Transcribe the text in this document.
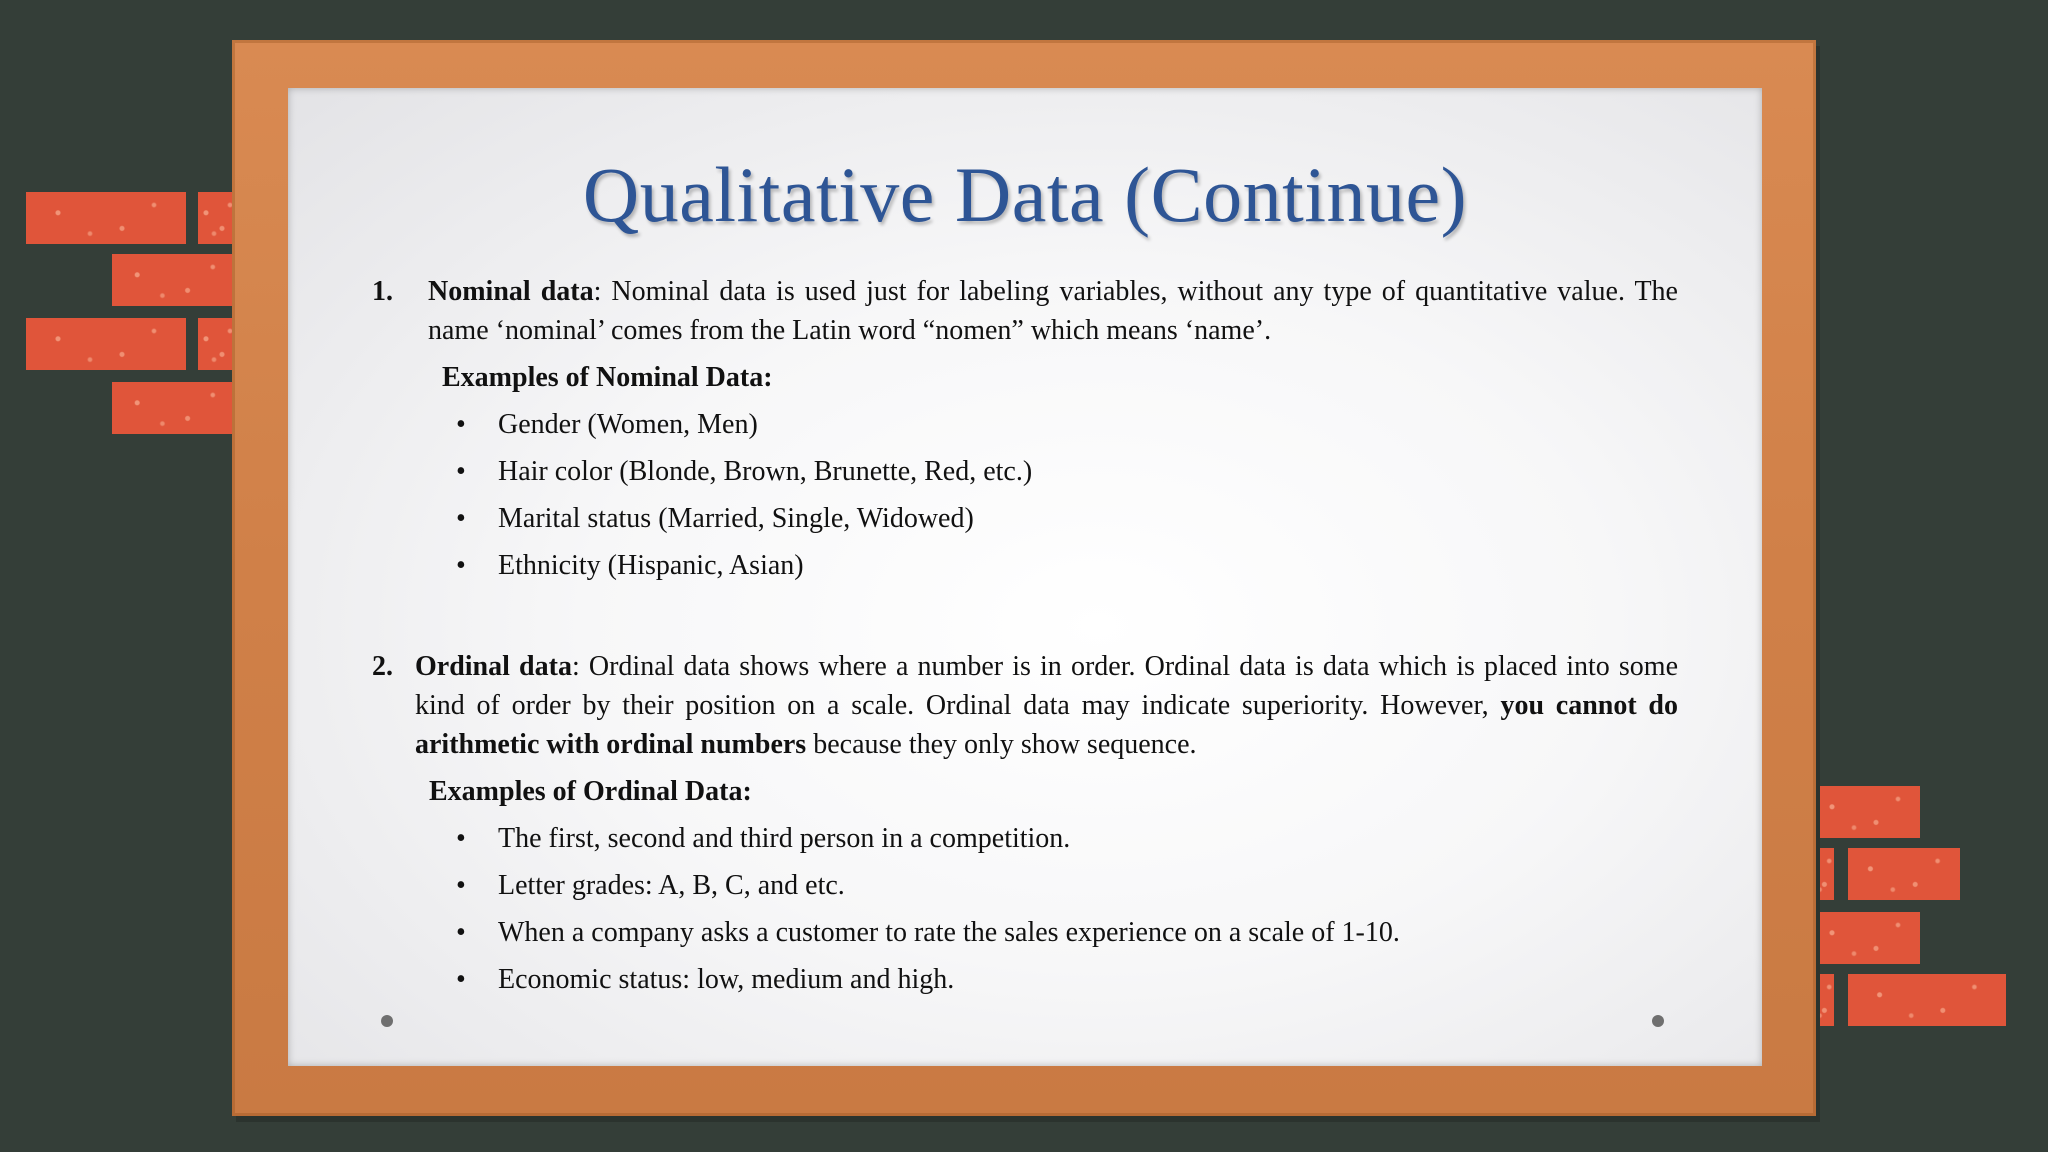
Qualitative Data (Continue)
1. Nominal data: Nominal data is used just for labeling variables, without any type of quantitative value. The name ‘nominal’ comes from the Latin word “nomen” which means ‘name’.
Examples of Nominal Data:
• Gender (Women, Men)
• Hair color (Blonde, Brown, Brunette, Red, etc.)
• Marital status (Married, Single, Widowed)
• Ethnicity (Hispanic, Asian)
2. Ordinal data: Ordinal data shows where a number is in order. Ordinal data is data which is placed into some kind of order by their position on a scale. Ordinal data may indicate superiority. However, you cannot do arithmetic with ordinal numbers because they only show sequence.
Examples of Ordinal Data:
• The first, second and third person in a competition.
• Letter grades: A, B, C, and etc.
• When a company asks a customer to rate the sales experience on a scale of 1-10.
• Economic status: low, medium and high.
